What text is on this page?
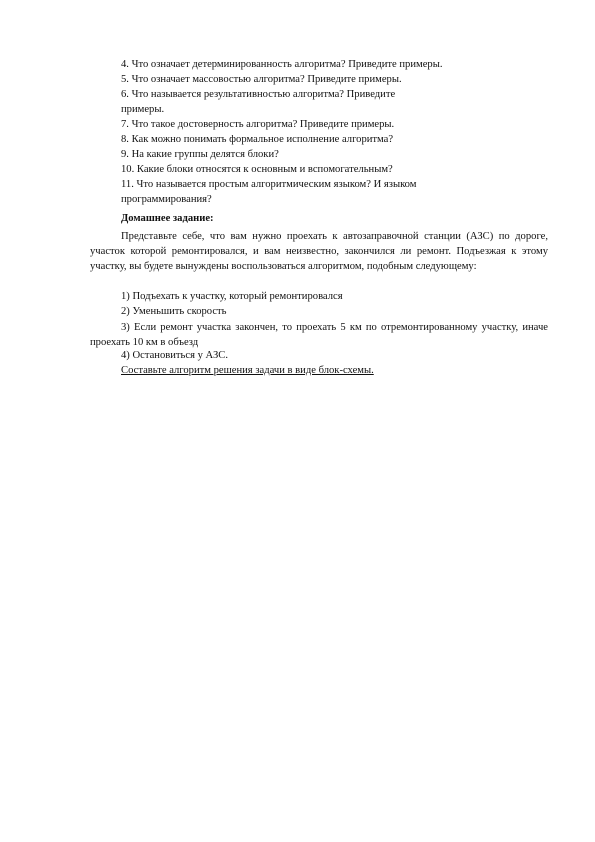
4. Что означает детерминированность алгоритма? Приведите примеры.
5. Что означает массовостью алгоритма? Приведите примеры.
6. Что называется результативностью алгоритма? Приведите
примеры.
7. Что такое достоверность алгоритма? Приведите примеры.
8. Как можно понимать формальное исполнение алгоритма?
9. На какие группы делятся блоки?
10. Какие блоки относятся к основным и вспомогательным?
11. Что называется простым алгоритмическим языком? И языком
программирования?
Домашнее задание:

Представьте себе, что вам нужно проехать к автозаправочной станции (АЗС) по дороге, участок которой ремонтировался, и вам неизвестно, закончился ли ремонт. Подъезжая к этому участку, вы будете вынуждены воспользоваться алгоритмом, подобным следующему:

1) Подъехать к участку, который ремонтировался
2) Уменьшить скорость

3) Если ремонт участка закончен, то проехать 5 км по отремонтированному участку, иначе проехать 10 км в объезд

4) Остановиться у АЗС.
Составьте алгоритм решения задачи в виде блок-схемы.
